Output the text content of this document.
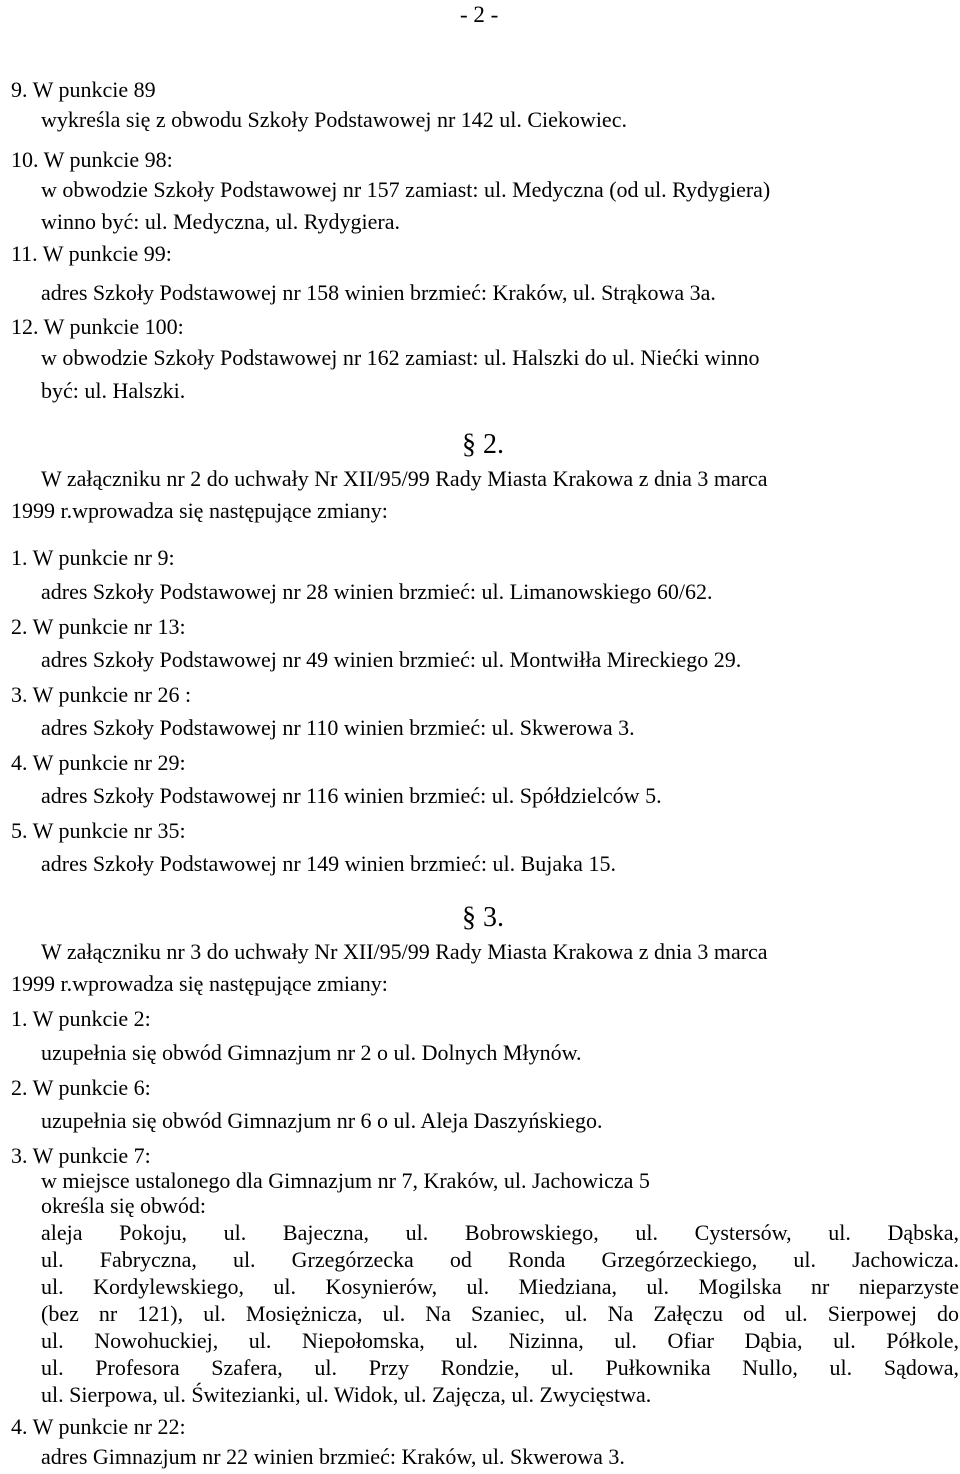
- 2 -
9. W punkcie 89
wykreśla się z obwodu Szkoły Podstawowej nr 142 ul. Ciekowiec.
10. W punkcie 98:
w obwodzie Szkoły Podstawowej nr 157 zamiast: ul. Medyczna (od ul. Rydygiera)
winno być: ul. Medyczna, ul. Rydygiera.
11. W punkcie 99:
adres Szkoły Podstawowej nr 158 winien brzmieć: Kraków, ul. Strąkowa 3a.
12. W punkcie 100:
w obwodzie Szkoły Podstawowej nr 162 zamiast: ul. Halszki do ul. Niećki winno
być: ul. Halszki.
§ 2.
W załączniku nr 2 do uchwały Nr XII/95/99 Rady Miasta Krakowa z dnia 3 marca
1999 r.wprowadza się następujące zmiany:
1. W punkcie nr 9:
adres Szkoły Podstawowej nr 28 winien brzmieć: ul. Limanowskiego 60/62.
2. W punkcie nr 13:
adres Szkoły Podstawowej nr 49 winien brzmieć: ul. Montwiłła Mireckiego 29.
3. W punkcie nr 26 :
adres Szkoły Podstawowej nr 110 winien brzmieć: ul. Skwerowa 3.
4. W punkcie nr 29:
adres Szkoły Podstawowej nr 116 winien brzmieć: ul. Spółdzielców 5.
5. W punkcie nr 35:
adres Szkoły Podstawowej nr 149 winien brzmieć: ul. Bujaka 15.
§ 3.
W załączniku nr 3 do uchwały Nr XII/95/99 Rady Miasta Krakowa z dnia 3 marca
1999 r.wprowadza się następujące zmiany:
1. W punkcie 2:
uzupełnia się obwód Gimnazjum nr 2 o ul. Dolnych Młynów.
2. W punkcie 6:
uzupełnia się obwód Gimnazjum nr 6 o ul. Aleja Daszyńskiego.
3. W punkcie 7:
w miejsce ustalonego dla Gimnazjum nr 7, Kraków, ul. Jachowicza 5
określa się obwód:
aleja Pokoju, ul. Bajeczna, ul. Bobrowskiego, ul. Cystersów, ul. Dąbska,
ul. Fabryczna, ul. Grzegórzecka od Ronda Grzegórzeckiego, ul. Jachowicza.
ul. Kordylewskiego, ul. Kosynierów, ul. Miedziana, ul. Mogilska nr nieparzyste
(bez nr 121), ul. Mosiężnicza, ul. Na Szaniec, ul. Na Załęczu od ul. Sierpowej do
ul. Nowohuckiej, ul. Niepołomska, ul. Nizinna, ul. Ofiar Dąbia, ul. Półkole,
ul. Profesora Szafera, ul. Przy Rondzie, ul. Pułkownika Nullo, ul. Sądowa,
ul. Sierpowa, ul. Świtezianki, ul. Widok, ul. Zajęcza, ul. Zwycięstwa.
4. W punkcie nr 22:
adres Gimnazjum nr 22 winien brzmieć: Kraków, ul. Skwerowa 3.
